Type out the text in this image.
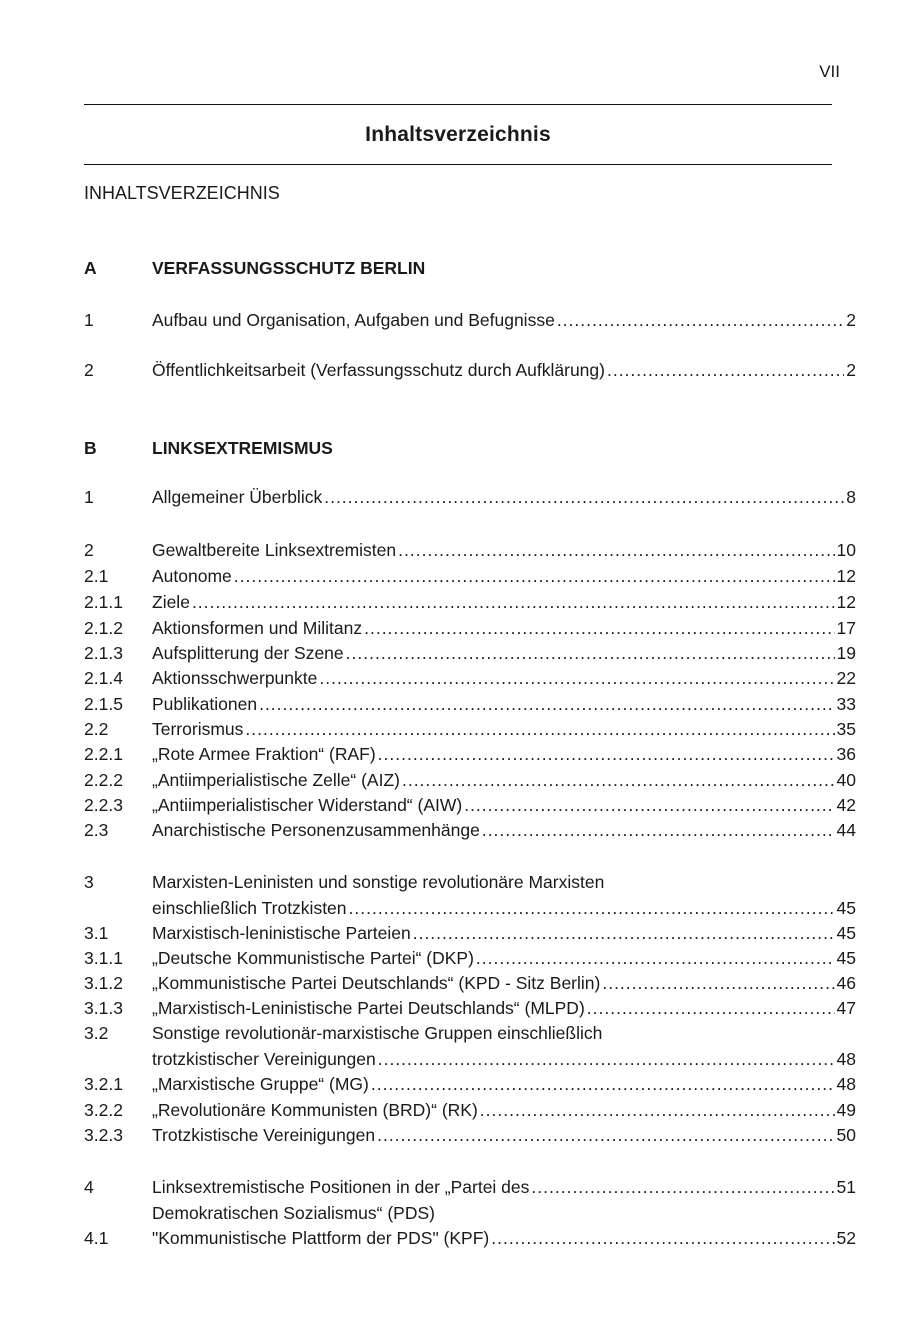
VII
Inhaltsverzeichnis
INHALTSVERZEICHNIS
A	VERFASSUNGSSCHUTZ BERLIN
1	Aufbau und Organisation, Aufgaben und Befugnisse .....	2
2	Öffentlichkeitsarbeit (Verfassungsschutz durch Aufklärung) .....	2
B	LINKSEXTREMISMUS
1	Allgemeiner Überblick .....	8
2	Gewaltbereite Linksextremisten .....	10
2.1 Autonome .....	12
2.1.1 Ziele .....	12
2.1.2 Aktionsformen und Militanz .....	17
2.1.3 Aufsplitterung der Szene .....	19
2.1.4 Aktionsschwerpunkte .....	22
2.1.5 Publikationen .....	33
2.2 Terrorismus .....	35
2.2.1 „Rote Armee Fraktion“ (RAF) .....	36
2.2.2 „Antiimperialistische Zelle“ (AIZ) .....	40
2.2.3 „Antiimperialistischer Widerstand“ (AIW) .....	42
2.3 Anarchistische Personenzusammenhänge .....	44
3	Marxisten-Leninisten und sonstige revolutionäre Marxisten
einschließlich Trotzkisten .....	45
3.1 Marxistisch-leninistische Parteien .....	45
3.1.1 „Deutsche Kommunistische Partei“ (DKP) .....	45
3.1.2 „Kommunistische Partei Deutschlands“ (KPD - Sitz Berlin) .....	46
3.1.3 „Marxistisch-Leninistische Partei Deutschlands“ (MLPD) .....	47
3.2 Sonstige revolutionär-marxistische Gruppen einschließlich
trotzkistischer Vereinigungen .....	48
3.2.1 „Marxistische Gruppe“ (MG) .....	48
3.2.2 „Revolutionäre Kommunisten (BRD)“ (RK) .....	49
3.2.3 Trotzkistische Vereinigungen .....	50
4	Linksextremistische Positionen in der „Partei des .....	51
Demokratischen Sozialismus“ (PDS)
4.1 "Kommunistische Plattform der PDS" (KPF) .....	52
